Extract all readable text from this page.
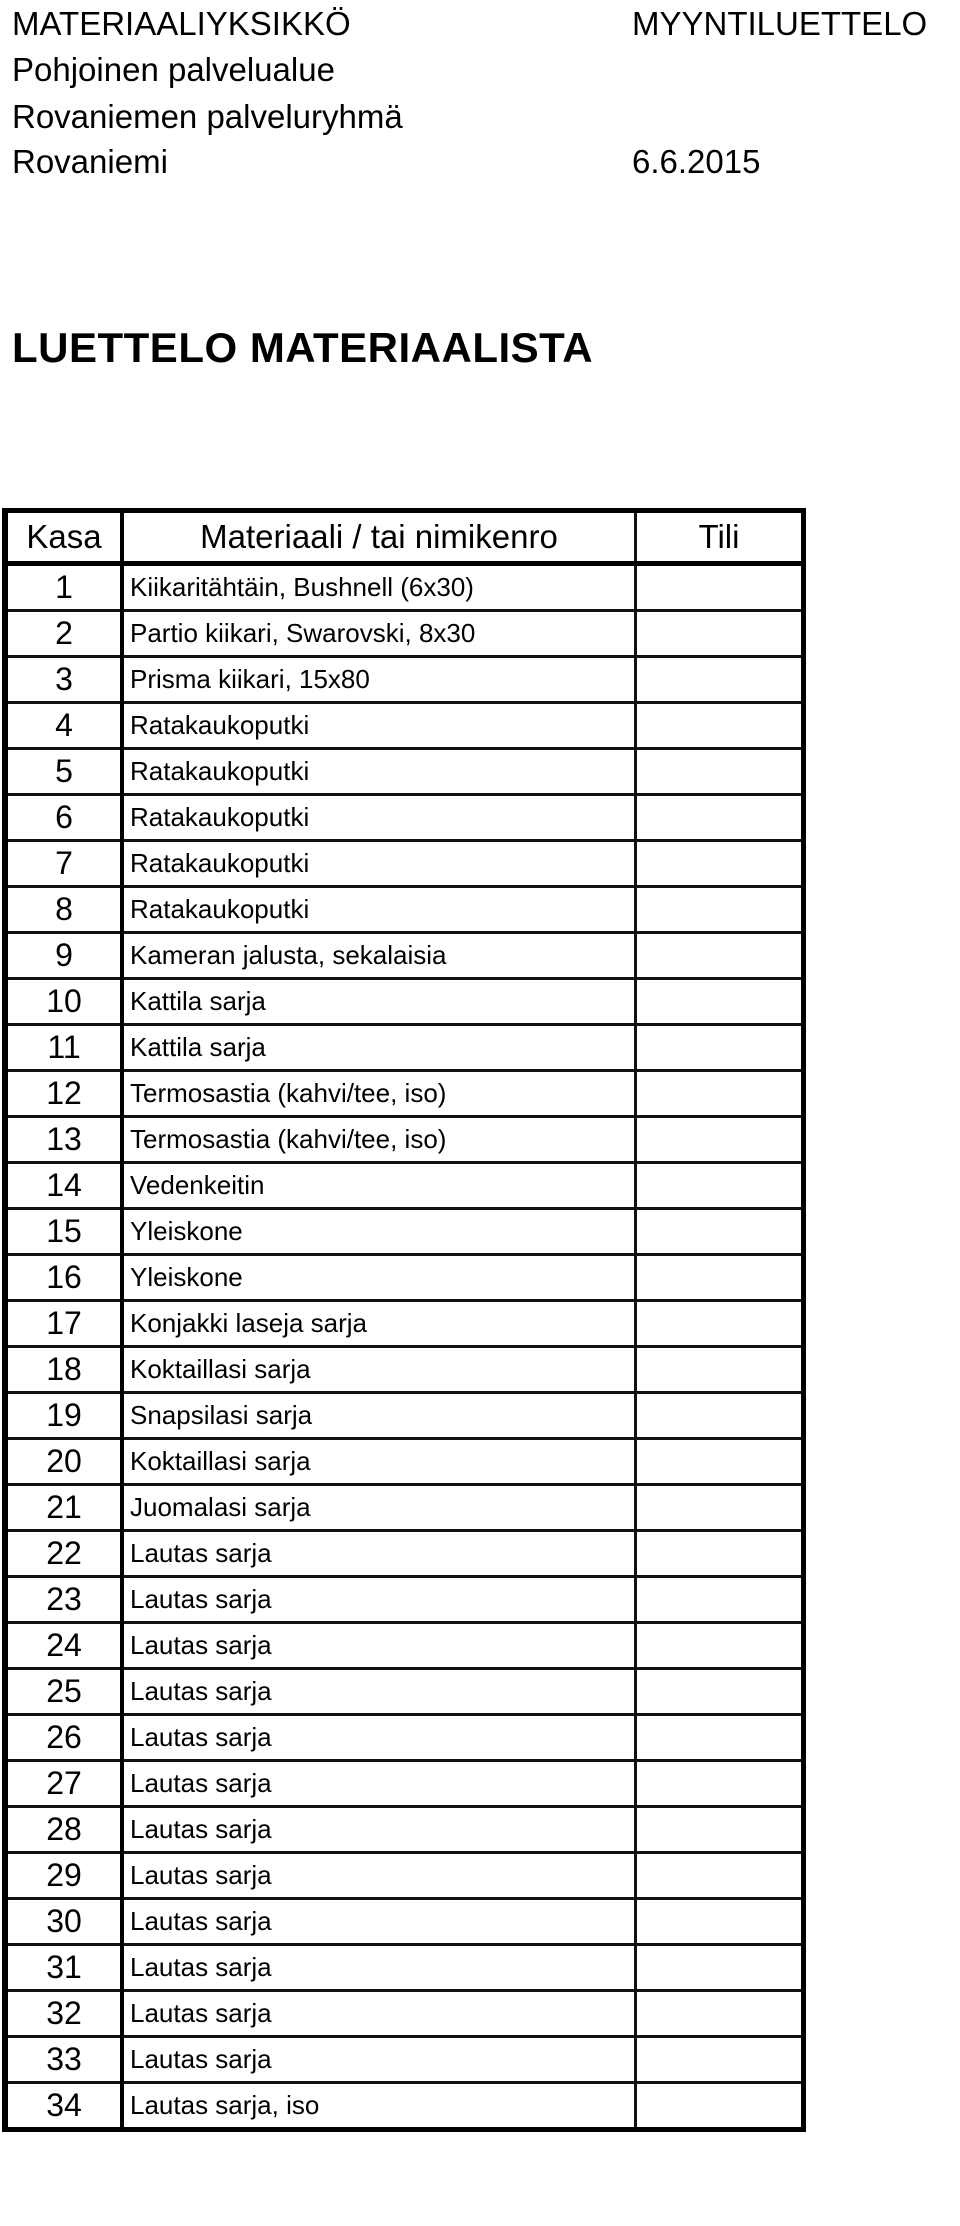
MATERIAALIYKSIKKÖ	MYYNTILUETTELO
Pohjoinen palvelualue
Rovaniemen palveluryhmä
Rovaniemi	6.6.2015
LUETTELO MATERIAALISTA
Kasa	Materiaali / tai nimikenro	Tili
1	Kiikaritähtäin, Bushnell (6x30)	
2	Partio kiikari, Swarovski, 8x30	
3	Prisma kiikari, 15x80	
4	Ratakaukoputki	
5	Ratakaukoputki	
6	Ratakaukoputki	
7	Ratakaukoputki	
8	Ratakaukoputki	
9	Kameran jalusta, sekalaisia	
10	Kattila sarja	
11	Kattila sarja	
12	Termosastia (kahvi/tee, iso)	
13	Termosastia (kahvi/tee, iso)	
14	Vedenkeitin	
15	Yleiskone	
16	Yleiskone	
17	Konjakki laseja sarja	
18	Koktaillasi sarja	
19	Snapsilasi sarja	
20	Koktaillasi sarja	
21	Juomalasi sarja	
22	Lautas sarja	
23	Lautas sarja	
24	Lautas sarja	
25	Lautas sarja	
26	Lautas sarja	
27	Lautas sarja	
28	Lautas sarja	
29	Lautas sarja	
30	Lautas sarja	
31	Lautas sarja	
32	Lautas sarja	
33	Lautas sarja	
34	Lautas sarja, iso	
